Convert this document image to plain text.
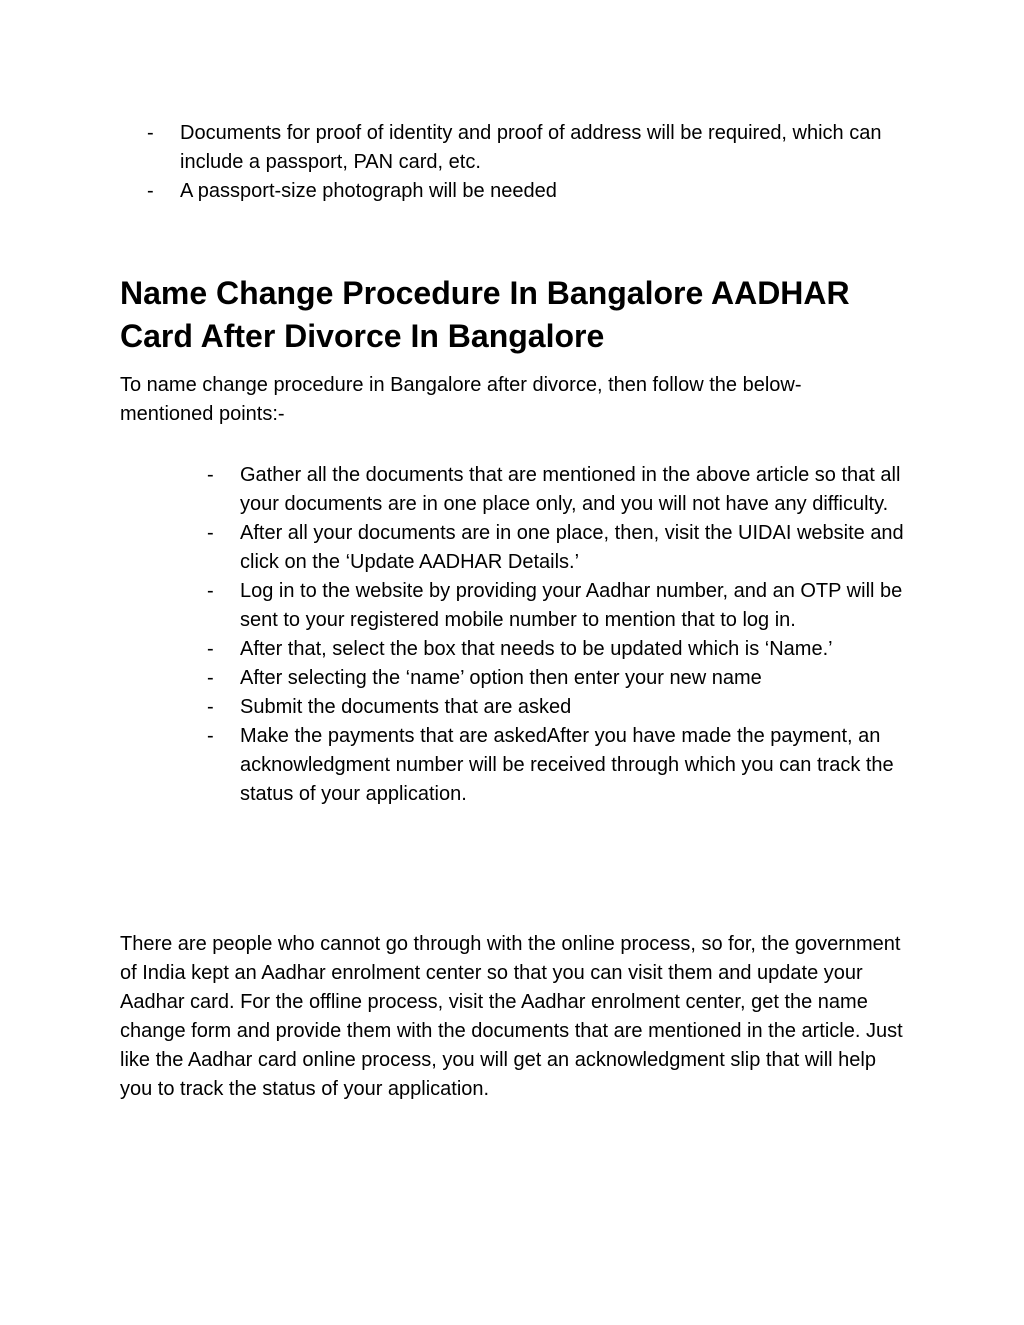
- Documents for proof of identity and proof of address will be required, which can include a passport, PAN card, etc.
- A passport-size photograph will be needed
Name Change Procedure In Bangalore AADHAR Card After Divorce In Bangalore

To name change procedure in Bangalore after divorce, then follow the below-mentioned points:-

- Gather all the documents that are mentioned in the above article so that all your documents are in one place only, and you will not have any difficulty.
- After all your documents are in one place, then, visit the UIDAI website and click on the ‘Update AADHAR Details.’
- Log in to the website by providing your Aadhar number, and an OTP will be sent to your registered mobile number to mention that to log in.
- After that, select the box that needs to be updated which is ‘Name.’
- After selecting the ‘name’ option then enter your new name
- Submit the documents that are asked
- Make the payments that are askedAfter you have made the payment, an acknowledgment number will be received through which you can track the status of your application.

There are people who cannot go through with the online process, so for, the government of India kept an Aadhar enrolment center so that you can visit them and update your Aadhar card. For the offline process, visit the Aadhar enrolment center, get the name change form and provide them with the documents that are mentioned in the article. Just like the Aadhar card online process, you will get an acknowledgment slip that will help you to track the status of your application.
